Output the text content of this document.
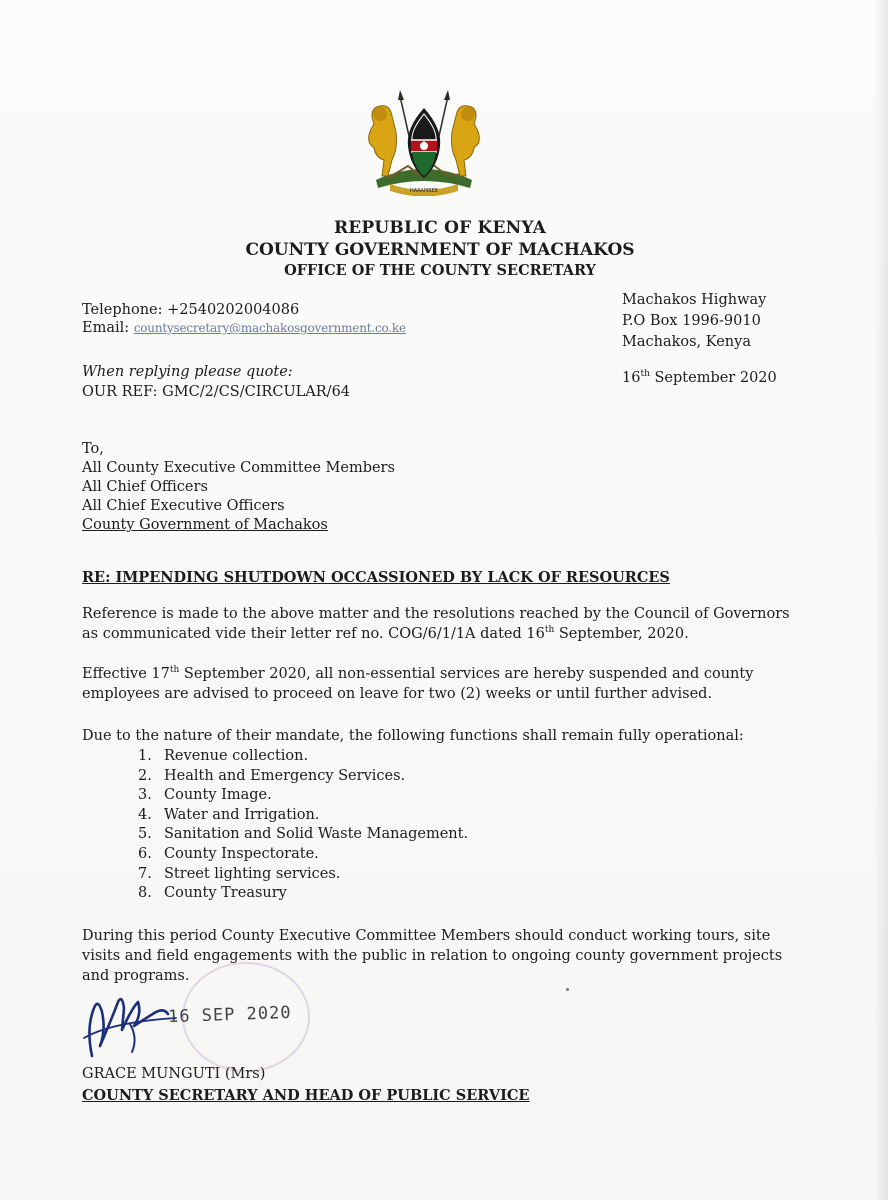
HARAMBEE
REPUBLIC OF KENYA
COUNTY GOVERNMENT OF MACHAKOS
OFFICE OF THE COUNTY SECRETARY
Telephone: +2540202004086
Email: countysecretary@machakosgovernment.co.ke
Machakos Highway
P.O Box 1996-9010
Machakos, Kenya
When replying please quote:
OUR REF: GMC/2/CS/CIRCULAR/64
16th September 2020
To,
All County Executive Committee Members
All Chief Officers
All Chief Executive Officers
County Government of Machakos
RE: IMPENDING SHUTDOWN OCCASSIONED BY LACK OF RESOURCES
Reference is made to the above matter and the resolutions reached by the Council of Governors as communicated vide their letter ref no. COG/6/1/1A dated 16th September, 2020.
Effective 17th September 2020, all non-essential services are hereby suspended and county employees are advised to proceed on leave for two (2) weeks or until further advised.
Due to the nature of their mandate, the following functions shall remain fully operational:
1. Revenue collection.
2. Health and Emergency Services.
3. County Image.
4. Water and Irrigation.
5. Sanitation and Solid Waste Management.
6. County Inspectorate.
7. Street lighting services.
8. County Treasury
During this period County Executive Committee Members should conduct working tours, site visits and field engagements with the public in relation to ongoing county government projects and programs.
16 SEP 2020
GRACE MUNGUTI (Mrs)
COUNTY SECRETARY AND HEAD OF PUBLIC SERVICE
